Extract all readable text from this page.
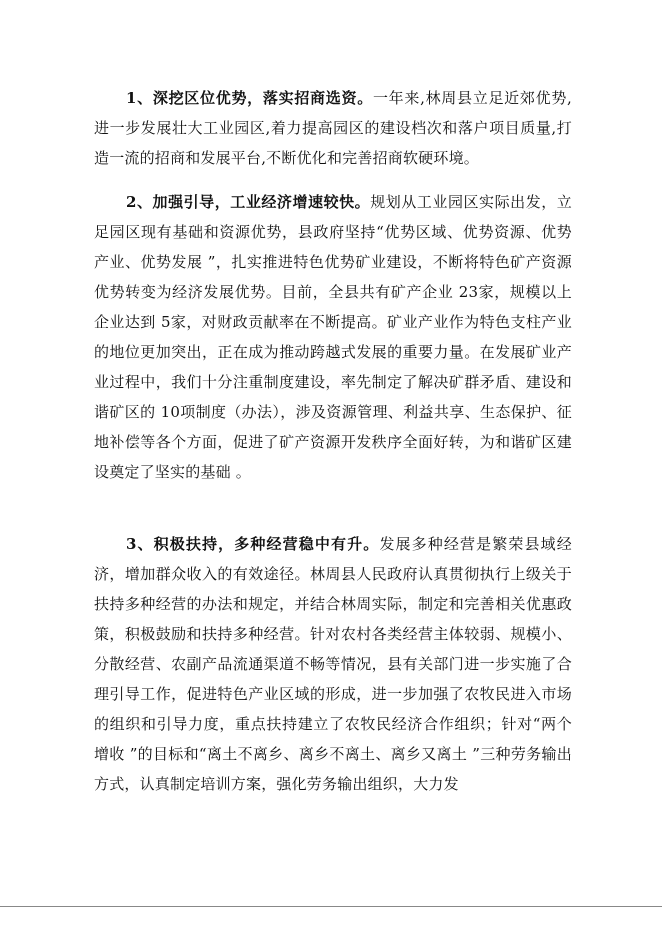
1、深挖区位优势，落实招商选资。一年来,林周县立足近郊优势,进一步发展壮大工业园区,着力提高园区的建设档次和落户项目质量,打造一流的招商和发展平台,不断优化和完善招商软硬环境。

2、加强引导，工业经济增速较快。规划从工业园区实际出发，立足园区现有基础和资源优势，县政府坚持“优势区域、优势资源、优势产业、优势发展 ”，扎实推进特色优势矿业建设，不断将特色矿产资源优势转变为经济发展优势。目前，全县共有矿产企业 23家，规模以上企业达到 5家，对财政贡献率在不断提高。矿业产业作为特色支柱产业的地位更加突出，正在成为推动跨越式发展的重要力量。在发展矿业产业过程中，我们十分注重制度建设，率先制定了解决矿群矛盾、建设和谐矿区的 10项制度（办法），涉及资源管理、利益共享、生态保护、征地补偿等各个方面，促进了矿产资源开发秩序全面好转，为和谐矿区建设奠定了坚实的基础 。

3、积极扶持，多种经营稳中有升。发展多种经营是繁荣县域经济，增加群众收入的有效途径。林周县人民政府认真贯彻执行上级关于扶持多种经营的办法和规定，并结合林周实际，制定和完善相关优惠政策，积极鼓励和扶持多种经营。针对农村各类经营主体较弱、规模小、分散经营、农副产品流通渠道不畅等情况，县有关部门进一步实施了合理引导工作，促进特色产业区域的形成，进一步加强了农牧民进入市场的组织和引导力度，重点扶持建立了农牧民经济合作组织；针对“两个增收 ”的目标和“离土不离乡、离乡不离土、离乡又离土 ”三种劳务输出方式，认真制定培训方案，强化劳务输出组织，大力发
